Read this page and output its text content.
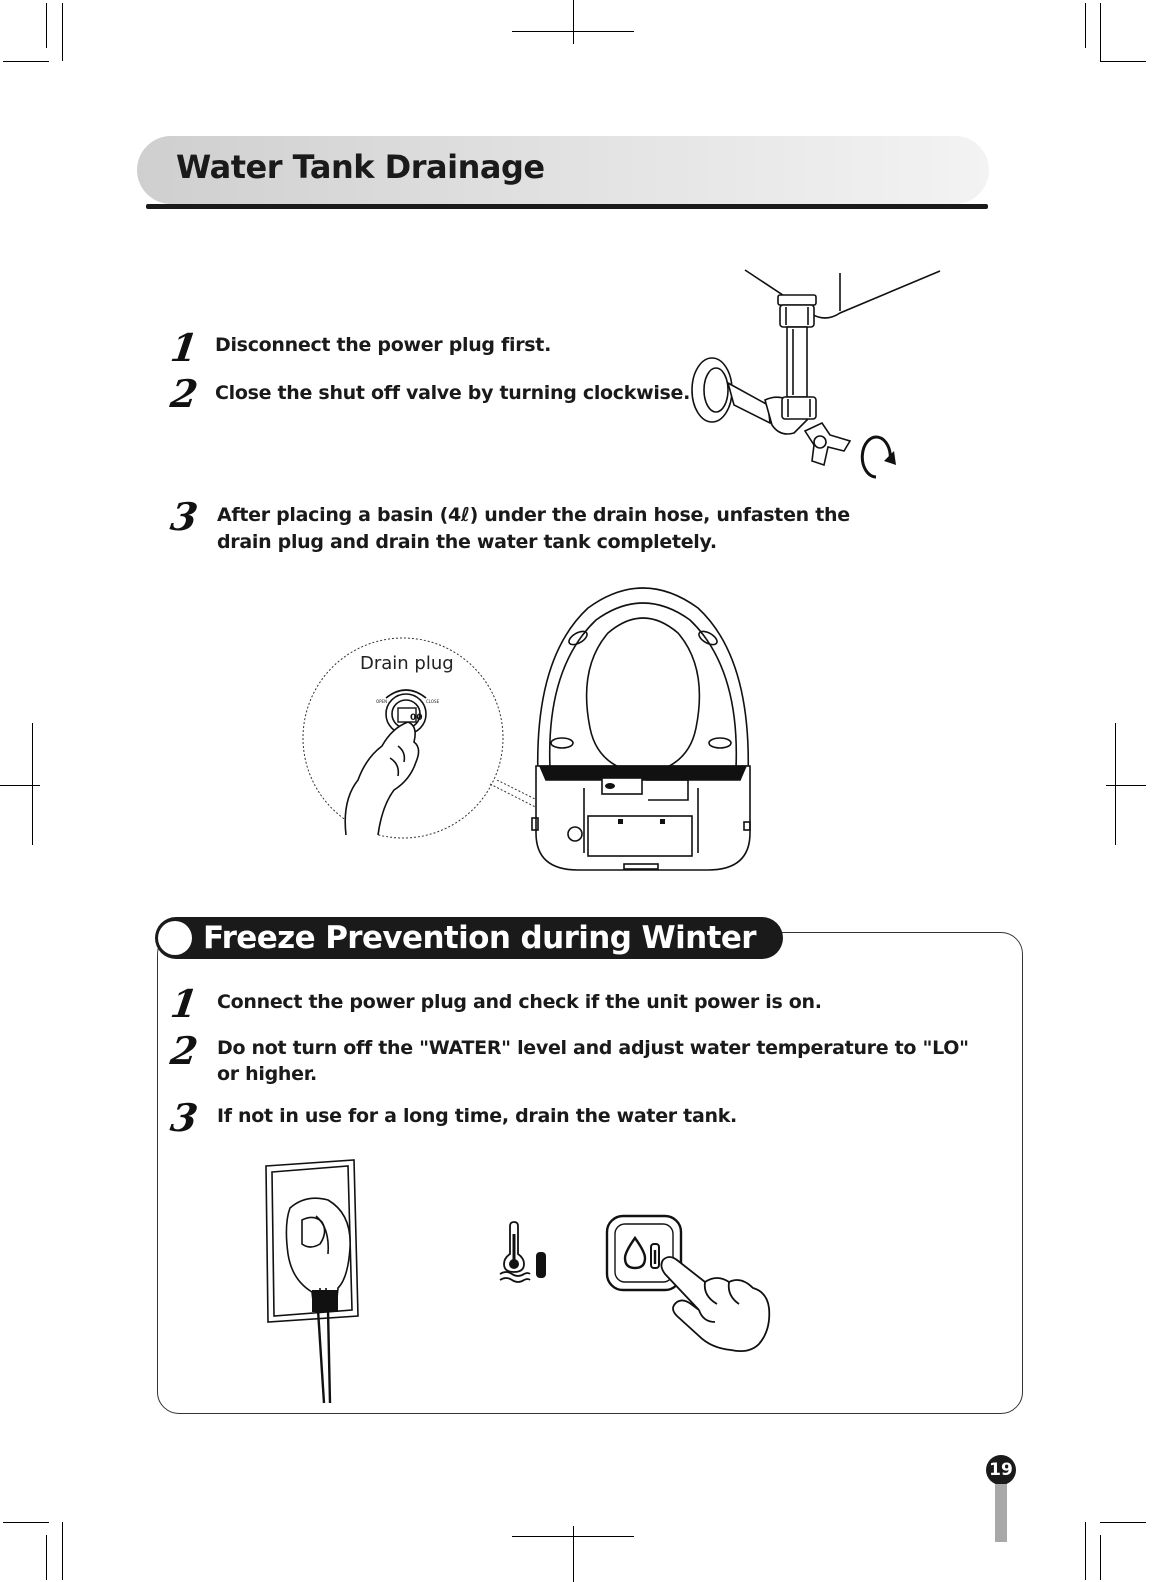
Water Tank Drainage
1 Disconnect the power plug first.
2 Close the shut off valve by turning clockwise.
3 After placing a basin (4ℓ) under the drain hose, unfasten the
drain plug and drain the water tank completely.
00
Drain plug
OPEN	CLOSE
Freeze Prevention during Winter
1 Connect the power plug and check if the unit power is on.
2 Do not turn off the "WATER" level and adjust water temperature to "LO"
or higher.
3 If not in use for a long time, drain the water tank.
19
